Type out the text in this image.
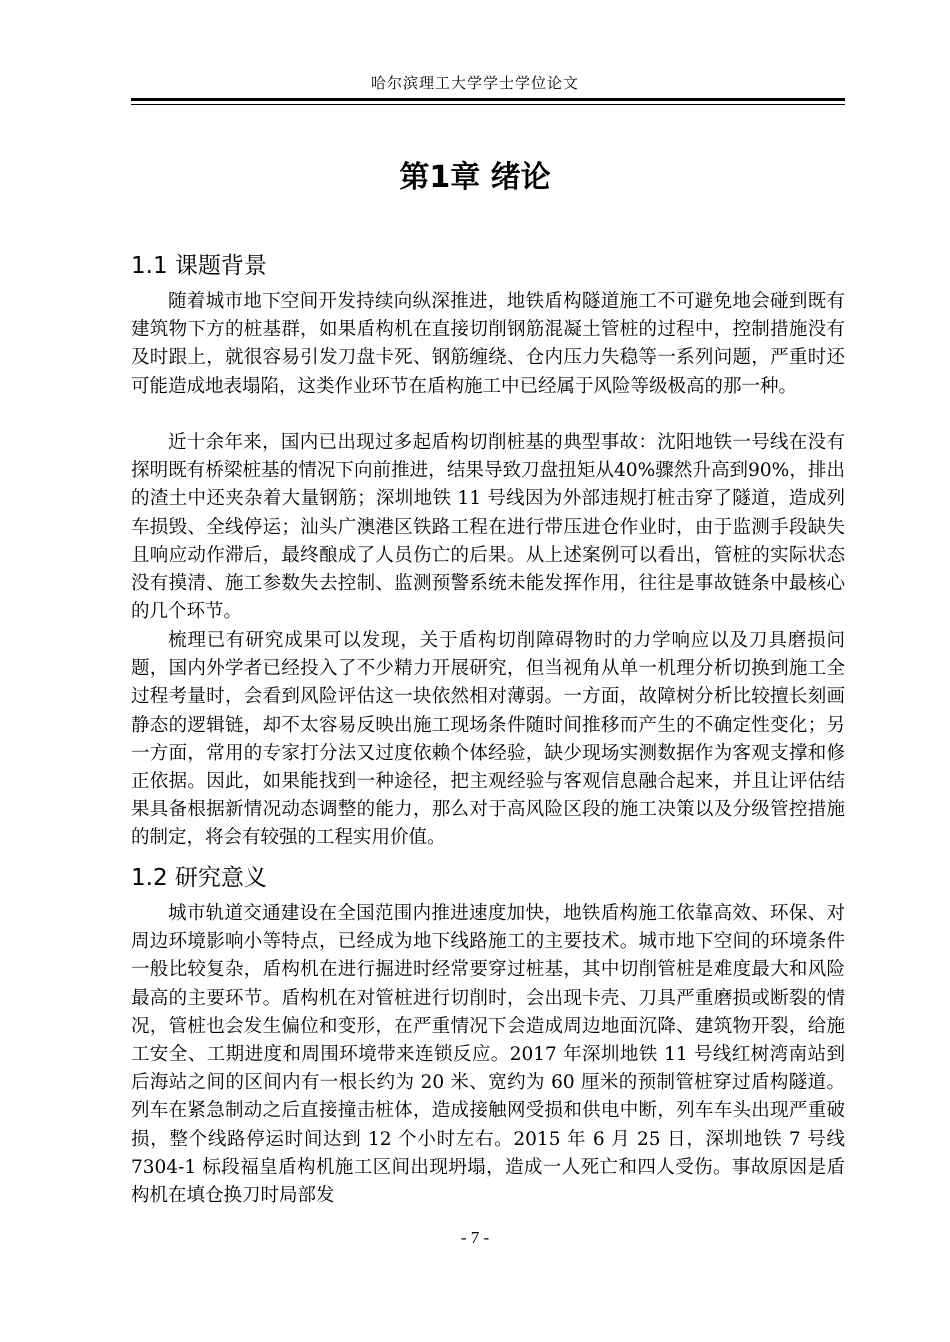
哈尔滨理工大学学士学位论文
第1章 绪论
1.1 课题背景

随着城市地下空间开发持续向纵深推进，地铁盾构隧道施工不可避免地会碰到既有建筑物下方的桩基群，如果盾构机在直接切削钢筋混凝土管桩的过程中，控制措施没有及时跟上，就很容易引发刀盘卡死、钢筋缠绕、仓内压力失稳等一系列问题，严重时还可能造成地表塌陷，这类作业环节在盾构施工中已经属于风险等级极高的那一种。

近十余年来，国内已出现过多起盾构切削桩基的典型事故：沈阳地铁一号线在没有探明既有桥梁桩基的情况下向前推进，结果导致刀盘扭矩从40%骤然升高到90%，排出的渣土中还夹杂着大量钢筋；深圳地铁 11 号线因为外部违规打桩击穿了隧道，造成列车损毁、全线停运；汕头广澳港区铁路工程在进行带压进仓作业时，由于监测手段缺失且响应动作滞后，最终酿成了人员伤亡的后果。从上述案例可以看出，管桩的实际状态没有摸清、施工参数失去控制、监测预警系统未能发挥作用，往往是事故链条中最核心的几个环节。

梳理已有研究成果可以发现，关于盾构切削障碍物时的力学响应以及刀具磨损问题，国内外学者已经投入了不少精力开展研究，但当视角从单一机理分析切换到施工全过程考量时，会看到风险评估这一块依然相对薄弱。一方面，故障树分析比较擅长刻画静态的逻辑链，却不太容易反映出施工现场条件随时间推移而产生的不确定性变化；另一方面，常用的专家打分法又过度依赖个体经验，缺少现场实测数据作为客观支撑和修正依据。因此，如果能找到一种途径，把主观经验与客观信息融合起来，并且让评估结果具备根据新情况动态调整的能力，那么对于高风险区段的施工决策以及分级管控措施的制定，将会有较强的工程实用价值。

1.2 研究意义

城市轨道交通建设在全国范围内推进速度加快，地铁盾构施工依靠高效、环保、对周边环境影响小等特点，已经成为地下线路施工的主要技术。城市地下空间的环境条件一般比较复杂，盾构机在进行掘进时经常要穿过桩基，其中切削管桩是难度最大和风险最高的主要环节。盾构机在对管桩进行切削时，会出现卡壳、刀具严重磨损或断裂的情况，管桩也会发生偏位和变形，在严重情况下会造成周边地面沉降、建筑物开裂，给施工安全、工期进度和周围环境带来连锁反应。2017 年深圳地铁 11 号线红树湾南站到后海站之间的区间内有一根长约为 20 米、宽约为 60 厘米的预制管桩穿过盾构隧道。列车在紧急制动之后直接撞击桩体，造成接触网受损和供电中断，列车车头出现严重破损，整个线路停运时间达到 12 个小时左右。2015 年 6 月 25 日，深圳地铁 7 号线 7304-1 标段福皇盾构机施工区间出现坍塌，造成一人死亡和四人受伤。事故原因是盾构机在填仓换刀时局部发

- 7 -
